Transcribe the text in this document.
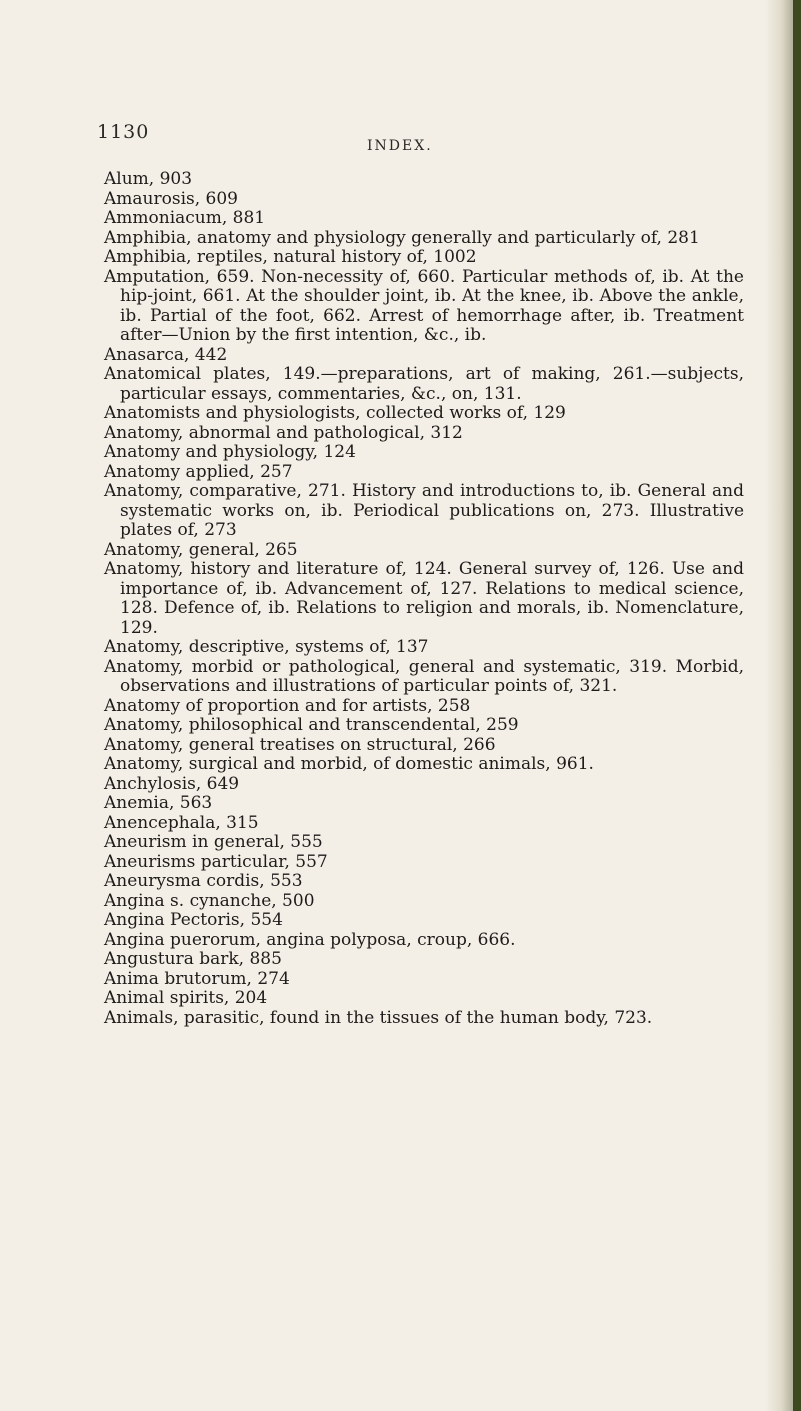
1130
INDEX.
Alum, 903
Amaurosis, 609
Ammoniacum, 881
Amphibia, anatomy and physiology generally and particularly of, 281
Amphibia, reptiles, natural history of, 1002
Amputation, 659. Non-necessity of, 660. Particular methods of, ib. At the hip-joint, 661. At the shoulder joint, ib. At the knee, ib. Above the ankle, ib. Partial of the foot, 662. Arrest of hemorrhage after, ib. Treatment after—Union by the first intention, &c., ib.
Anasarca, 442
Anatomical plates, 149.—preparations, art of making, 261.—subjects, particular essays, commentaries, &c., on, 131.
Anatomists and physiologists, collected works of, 129
Anatomy, abnormal and pathological, 312
Anatomy and physiology, 124
Anatomy applied, 257
Anatomy, comparative, 271. History and introductions to, ib. General and systematic works on, ib. Periodical publications on, 273. Illustrative plates of, 273
Anatomy, general, 265
Anatomy, history and literature of, 124. General survey of, 126. Use and importance of, ib. Advancement of, 127. Relations to medical science, 128. Defence of, ib. Relations to religion and morals, ib. Nomenclature, 129.
Anatomy, descriptive, systems of, 137
Anatomy, morbid or pathological, general and systematic, 319. Morbid, observations and illustrations of particular points of, 321.
Anatomy of proportion and for artists, 258
Anatomy, philosophical and transcendental, 259
Anatomy, general treatises on structural, 266
Anatomy, surgical and morbid, of domestic animals, 961.
Anchylosis, 649
Anemia, 563
Anencephala, 315
Aneurism in general, 555
Aneurisms particular, 557
Aneurysma cordis, 553
Angina s. cynanche, 500
Angina Pectoris, 554
Angina puerorum, angina polyposa, croup, 666.
Angustura bark, 885
Anima brutorum, 274
Animal spirits, 204
Animals, parasitic, found in the tissues of the human body, 723.
